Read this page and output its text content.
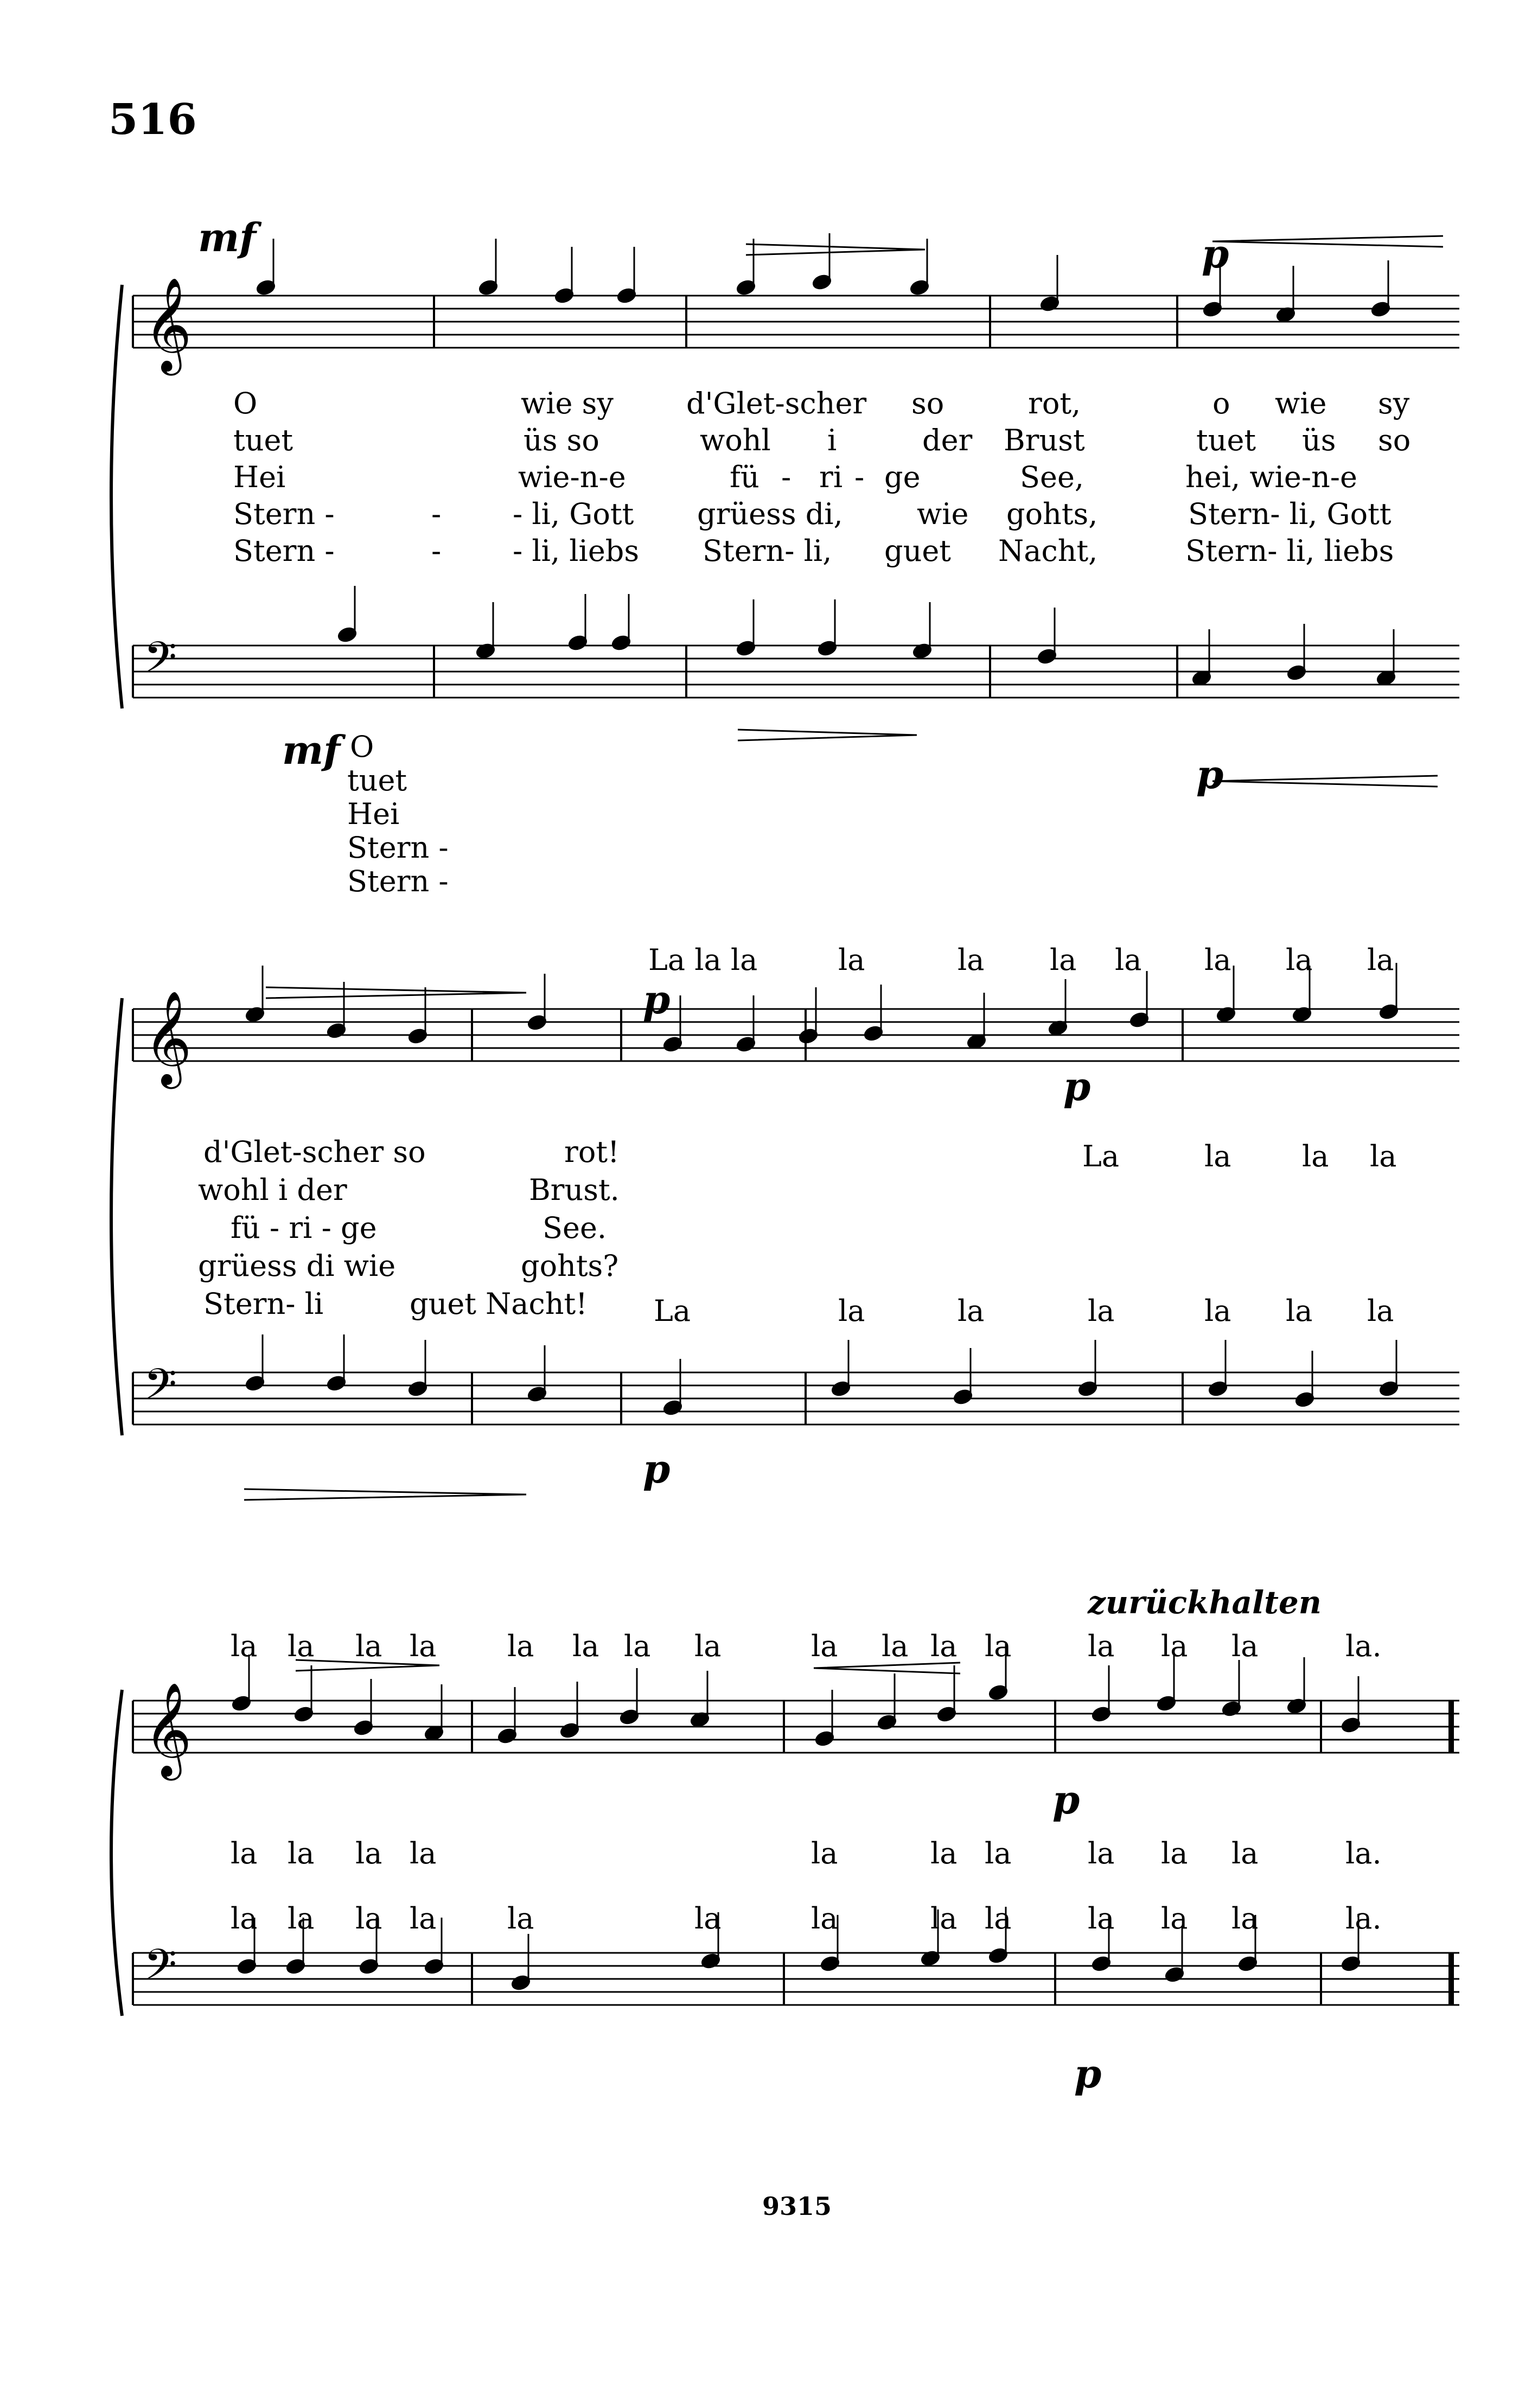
516
𝄞
𝄢
𝄞
𝄢
𝄞
𝄢
mf	p
mf
p
p
p
p
p
p
O	wie sy d'Glet-scher so	rot,	o wie sy
tuet	üs so	wohl i	der Brust	tuet üs so
Hei	wie-n-e	fü - ri - ge	See,	hei, wie-n-e
Stern -	- - li, Gott grüess di,	wie gohts,	Stern- li, Gott
Stern -	- - li, liebs Stern- li, guet Nacht,	Stern- li, liebs
O
tuet
Hei
Stern -
Stern -
La la la	la	la la la la la la
d'Glet-scher so	rot!
wohl i der	Brust.
fü - ri - ge	See.
grüess di wie	gohts?
Stern- li	guet Nacht!
La	la la la
La	la	la	la	la la la
zurückhalten
la la la la la la la la	la la la la	la la la	la.
la la la la	la	la la	la la la	la.
la la la la la	la	la	la la	la la la	la.
9315
